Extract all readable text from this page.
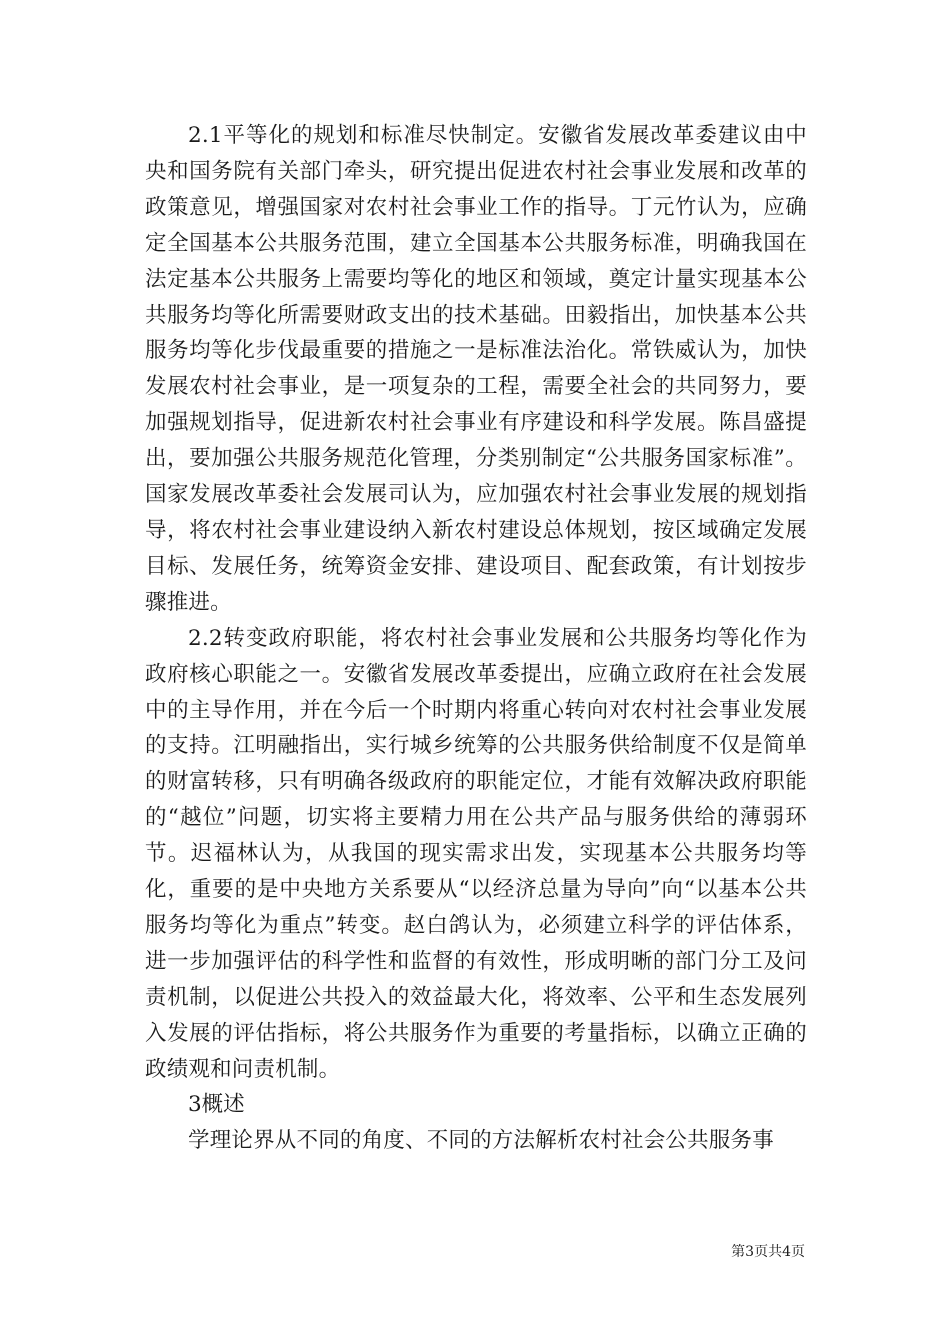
2.1平等化的规划和标准尽快制定。安徽省发展改革委建议由中央和国务院有关部门牵头，研究提出促进农村社会事业发展和改革的政策意见，增强国家对农村社会事业工作的指导。丁元竹认为，应确定全国基本公共服务范围，建立全国基本公共服务标准，明确我国在法定基本公共服务上需要均等化的地区和领域，奠定计量实现基本公共服务均等化所需要财政支出的技术基础。田毅指出，加快基本公共服务均等化步伐最重要的措施之一是标准法治化。常铁威认为，加快发展农村社会事业，是一项复杂的工程，需要全社会的共同努力，要加强规划指导，促进新农村社会事业有序建设和科学发展。陈昌盛提出，要加强公共服务规范化管理，分类别制定“公共服务国家标准”。国家发展改革委社会发展司认为，应加强农村社会事业发展的规划指导，将农村社会事业建设纳入新农村建设总体规划，按区域确定发展目标、发展任务，统筹资金安排、建设项目、配套政策，有计划按步骤推进。

2.2转变政府职能，将农村社会事业发展和公共服务均等化作为政府核心职能之一。安徽省发展改革委提出，应确立政府在社会发展中的主导作用，并在今后一个时期内将重心转向对农村社会事业发展的支持。江明融指出，实行城乡统筹的公共服务供给制度不仅是简单的财富转移，只有明确各级政府的职能定位，才能有效解决政府职能的“越位”问题，切实将主要精力用在公共产品与服务供给的薄弱环节。迟福林认为，从我国的现实需求出发，实现基本公共服务均等化，重要的是中央地方关系要从“以经济总量为导向”向“以基本公共服务均等化为重点”转变。赵白鸽认为，必须建立科学的评估体系，进一步加强评估的科学性和监督的有效性，形成明晰的部门分工及问责机制，以促进公共投入的效益最大化，将效率、公平和生态发展列入发展的评估指标，将公共服务作为重要的考量指标，以确立正确的政绩观和问责机制。

3概述

学理论界从不同的角度、不同的方法解析农村社会公共服务事

第3页共4页
